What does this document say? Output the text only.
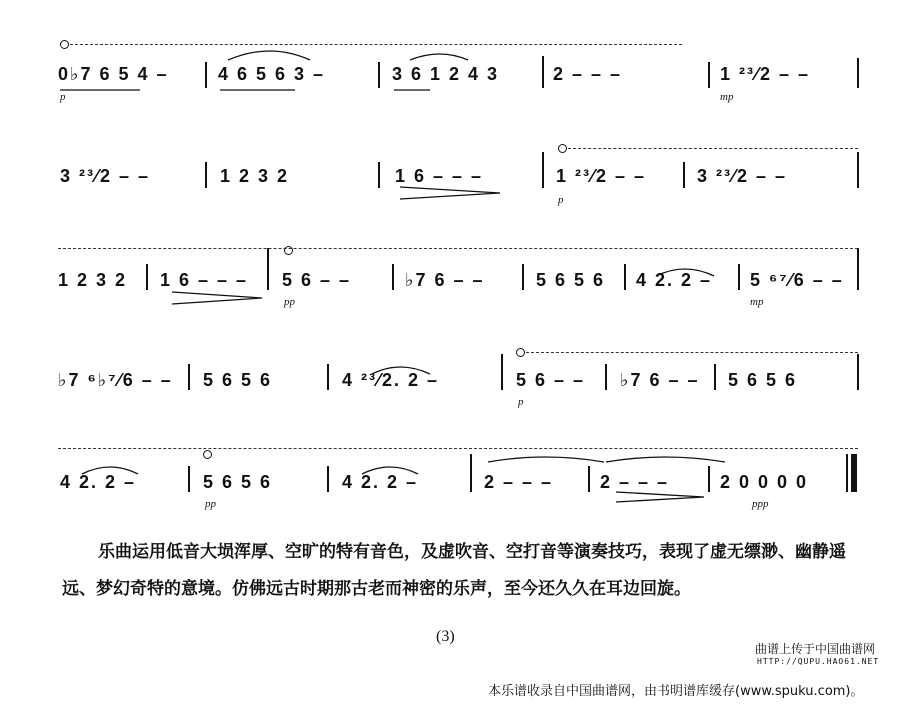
0♭7 6 5 4 –	4 6 5 6 3 –	3 6 1 2 4 3	2 – – –	1 ²³⁄2 – –
p	mp
3 ²³⁄2 – –	1 2 3 2	1 6 – – –	1 ²³⁄2 – –	3 ²³⁄2 – –
p
1 2 3 2 1 6 – – – 5 6 – –	♭7 6 – –	5 6 5 6 4 2. 2 – 5 ⁶⁷⁄6 – –
pp	mp
♭7 ⁶♭⁷⁄6 – – 5 6 5 6	4 ²³⁄2. 2 –	5 6 – – ♭7 6 – – 5 6 5 6
p
4 2. 2 –	5 6 5 6	4 2. 2 –	2 – – –	2 – – –	2 0 0 0 0
pp	ppp
乐曲运用低音大埙浑厚、空旷的特有音色，及虚吹音、空打音等演奏技巧，表现了虚无缥渺、幽静遥远、梦幻奇特的意境。仿佛远古时期那古老而神密的乐声，至今还久久在耳边回旋。
(3)
曲谱上传于中国曲谱网
HTTP://QUPU.HAO61.NET
本乐谱收录自中国曲谱网，由书明谱库缓存(www.spuku.com)。
